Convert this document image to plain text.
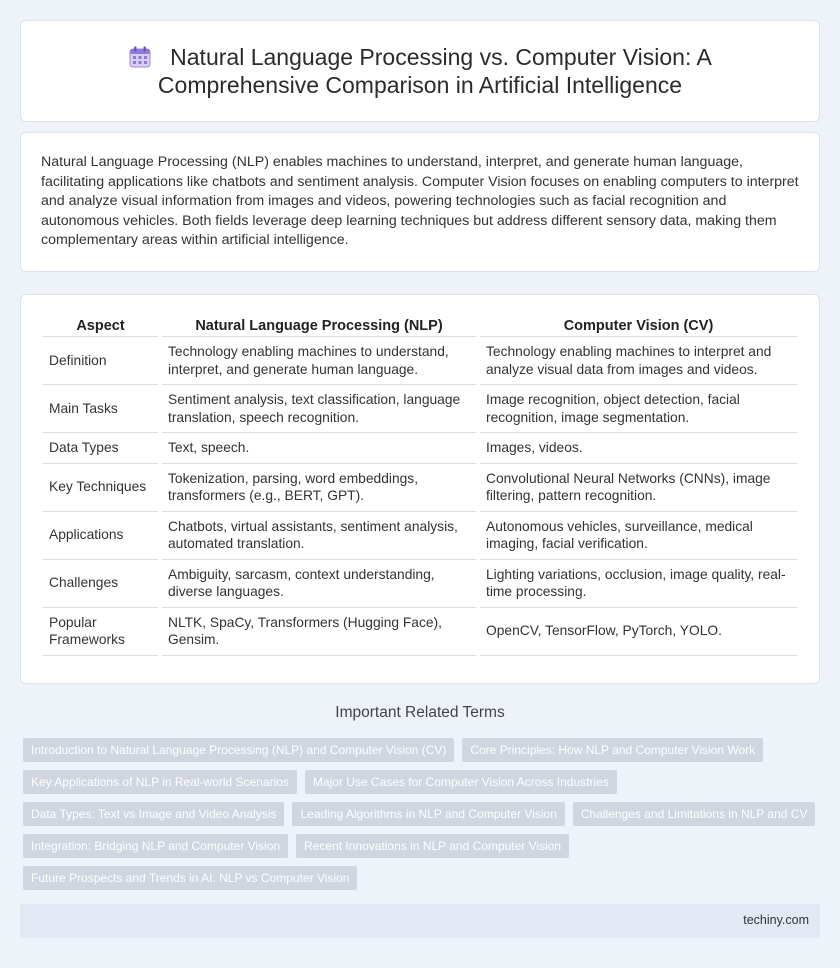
Natural Language Processing vs. Computer Vision: A
Comprehensive Comparison in Artificial Intelligence

Natural Language Processing (NLP) enables machines to understand, interpret, and generate human language, facilitating applications like chatbots and sentiment analysis. Computer Vision focuses on enabling computers to interpret and analyze visual information from images and videos, powering technologies such as facial recognition and autonomous vehicles. Both fields leverage deep learning techniques but address different sensory data, making them complementary areas within artificial intelligence.

Aspect	Natural Language Processing (NLP)	Computer Vision (CV)
Definition	Technology enabling machines to understand, interpret, and generate human language.	Technology enabling machines to interpret and analyze visual data from images and videos.
Main Tasks	Sentiment analysis, text classification, language translation, speech recognition.	Image recognition, object detection, facial recognition, image segmentation.
Data Types	Text, speech.	Images, videos.
Key Techniques	Tokenization, parsing, word embeddings, transformers (e.g., BERT, GPT).	Convolutional Neural Networks (CNNs), image filtering, pattern recognition.
Applications	Chatbots, virtual assistants, sentiment analysis, automated translation.	Autonomous vehicles, surveillance, medical imaging, facial verification.
Challenges	Ambiguity, sarcasm, context understanding, diverse languages.	Lighting variations, occlusion, image quality, real-time processing.
Popular Frameworks	NLTK, SpaCy, Transformers (Hugging Face), Gensim.	OpenCV, TensorFlow, PyTorch, YOLO.
Important Related Terms
Introduction to Natural Language Processing (NLP) and Computer Vision (CV)	Core Principles: How NLP and Computer Vision Work
Key Applications of NLP in Real-world Scenarios	Major Use Cases for Computer Vision Across Industries
Data Types: Text vs Image and Video Analysis	Leading Algorithms in NLP and Computer Vision	Challenges and Limitations in NLP and CV
Integration: Bridging NLP and Computer Vision	Recent Innovations in NLP and Computer Vision
Future Prospects and Trends in AI: NLP vs Computer Vision
techiny.com
